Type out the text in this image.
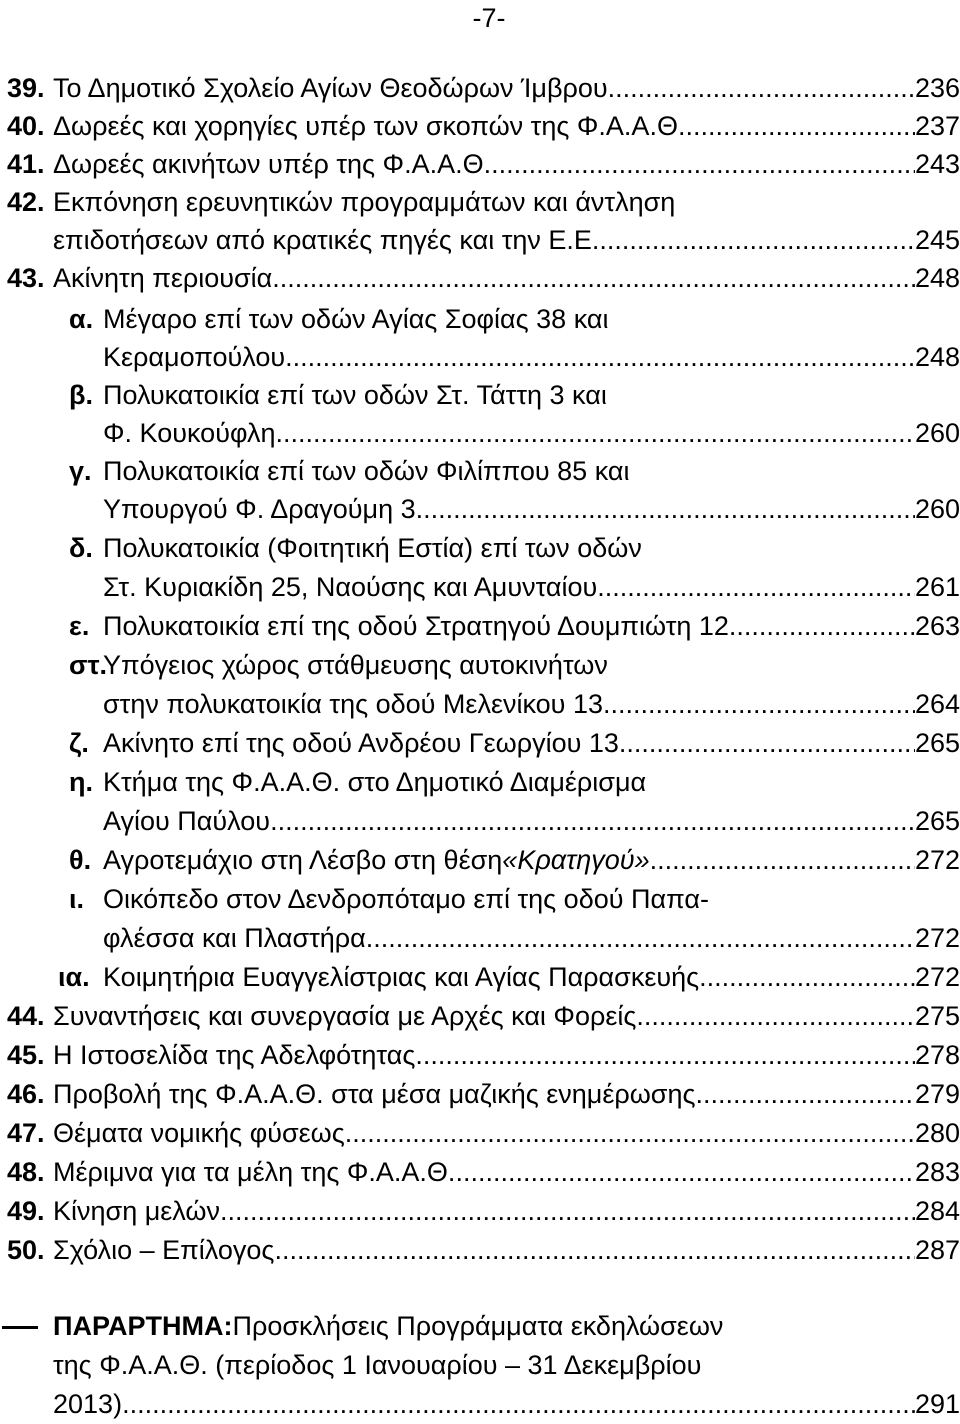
-7-
39. Το Δημοτικό Σχολείο Αγίων Θεοδώρων Ίμβρου .....	236
40. Δωρεές και χορηγίες υπέρ των σκοπών της Φ.Α.Α.Θ. .....	237
41. Δωρεές ακινήτων υπέρ της Φ.Α.Α.Θ. .....	243
42. Εκπόνηση ερευνητικών προγραμμάτων και άντληση
επιδοτήσεων από κρατικές πηγές και την Ε.Ε. .....	245
43. Ακίνητη περιουσία .....	248
α. Μέγαρο επί των οδών Αγίας Σοφίας 38 και
Κεραμοπούλου .....	248
β. Πολυκατοικία επί των οδών Στ. Τάττη 3 και
Φ. Κουκούφλη .....	260
γ. Πολυκατοικία επί των οδών Φιλίππου 85 και
Υπουργού Φ. Δραγούμη 3 .....	260
δ. Πολυκατοικία (Φοιτητική Εστία) επί των οδών
Στ. Κυριακίδη 25, Ναούσης και Αμυνταίου .....	261
ε. Πολυκατοικία επί της οδού Στρατηγού Δουμπιώτη 12 .....	263
στ.
Υπόγειος χώρος στάθμευσης αυτοκινήτων
στην πολυκατοικία της οδού Μελενίκου 13 .....	264
ζ. Ακίνητο επί της οδού Ανδρέου Γεωργίου 13 .....	265
η. Κτήμα της Φ.Α.Α.Θ. στο Δημοτικό Διαμέρισμα
Αγίου Παύλου .....	265
θ. Αγροτεμάχιο στη Λέσβο στη θέση «Κρατηγού» .....	272
ι. Οικόπεδο στον Δενδροπόταμο επί της οδού Παπα-
φλέσσα και Πλαστήρα .....	272
ια. Κοιμητήρια Ευαγγελίστριας και Αγίας Παρασκευής .....	272
44. Συναντήσεις και συνεργασία με Αρχές και Φορείς .....	275
45. Η Ιστοσελίδα της Αδελφότητας .....	278
46. Προβολή της Φ.Α.Α.Θ. στα μέσα μαζικής ενημέρωσης .....	279
47. Θέματα νομικής φύσεως .....	280
48. Μέριμνα για τα μέλη της Φ.Α.Α.Θ. .....	283
49. Κίνηση μελών .....	284
50. Σχόλιο – Επίλογος .....	287
ΠΑΡΑΡΤΗΜΑ: Προσκλήσεις Προγράμματα εκδηλώσεων
της Φ.Α.Α.Θ. (περίοδος 1 Ιανουαρίου – 31 Δεκεμβρίου
2013) .....	291
